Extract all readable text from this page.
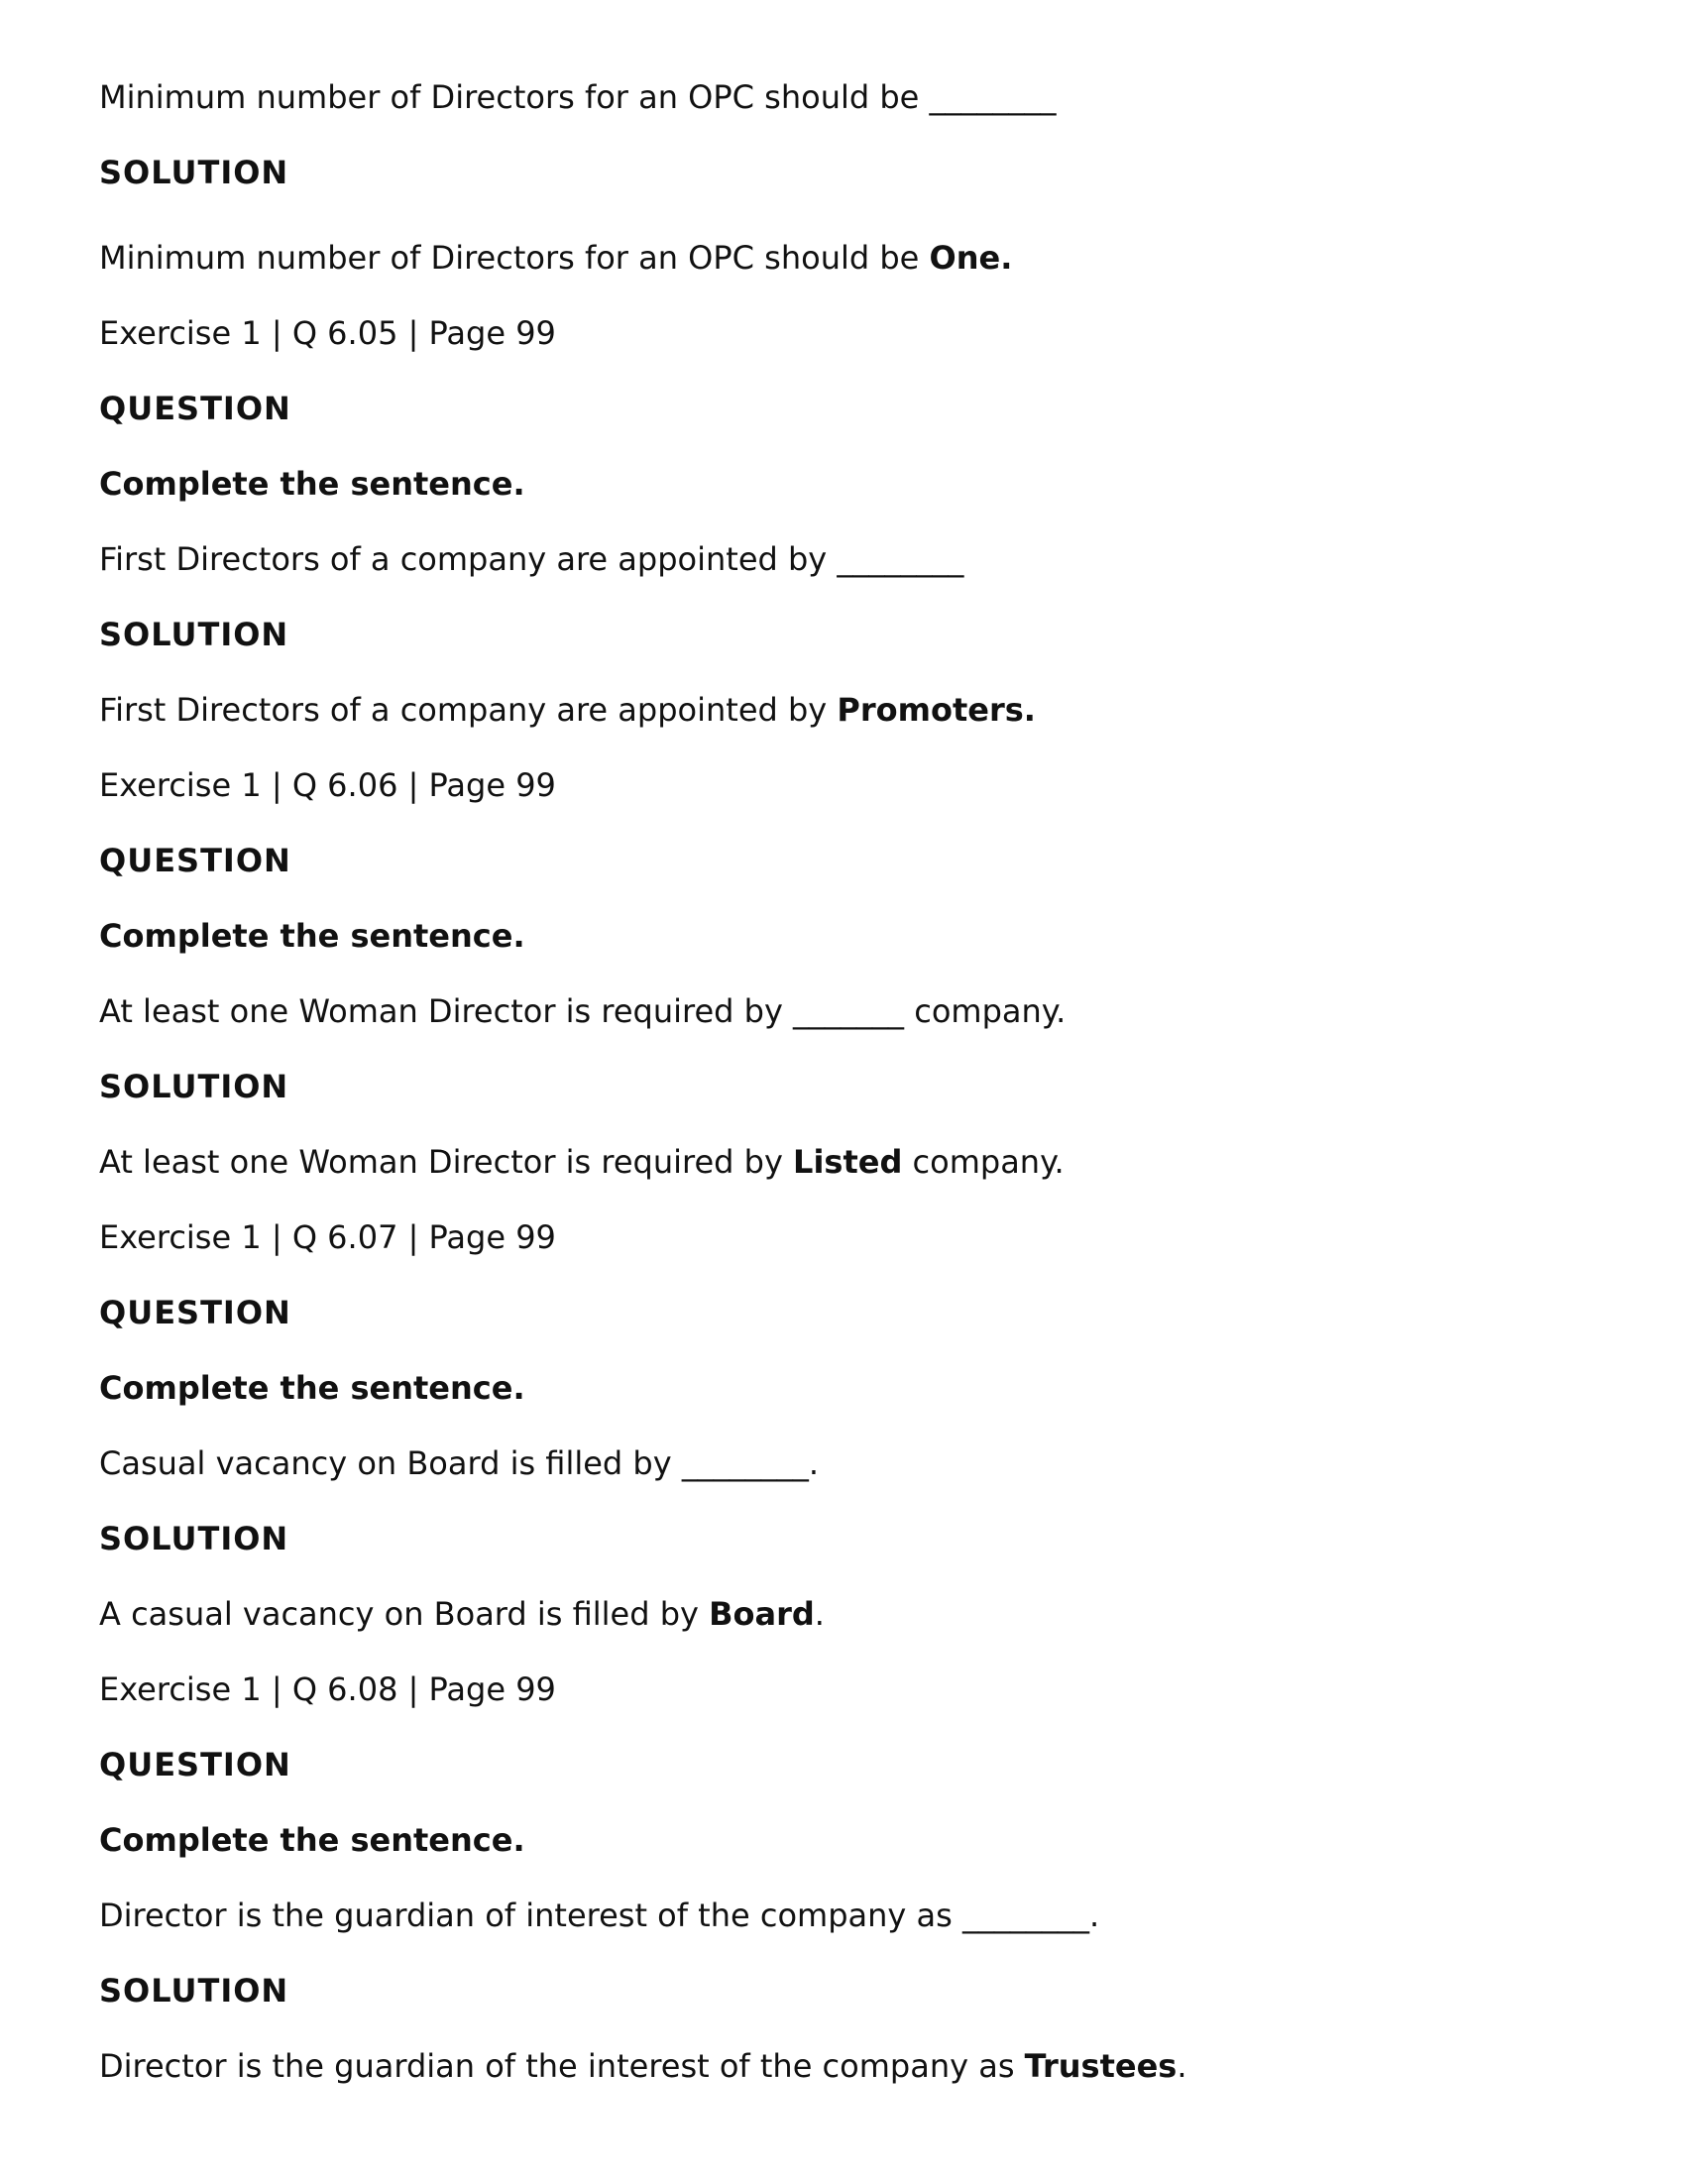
Minimum number of Directors for an OPC should be ________
SOLUTION
Minimum number of Directors for an OPC should be One.
Exercise 1 | Q 6.05 | Page 99
QUESTION
Complete the sentence.
First Directors of a company are appointed by ________
SOLUTION
First Directors of a company are appointed by Promoters.
Exercise 1 | Q 6.06 | Page 99
QUESTION
Complete the sentence.
At least one Woman Director is required by _______ company.
SOLUTION
At least one Woman Director is required by Listed company.
Exercise 1 | Q 6.07 | Page 99
QUESTION
Complete the sentence.
Casual vacancy on Board is filled by ________.
SOLUTION
A casual vacancy on Board is filled by Board.
Exercise 1 | Q 6.08 | Page 99
QUESTION
Complete the sentence.
Director is the guardian of interest of the company as ________.
SOLUTION
Director is the guardian of the interest of the company as Trustees.
